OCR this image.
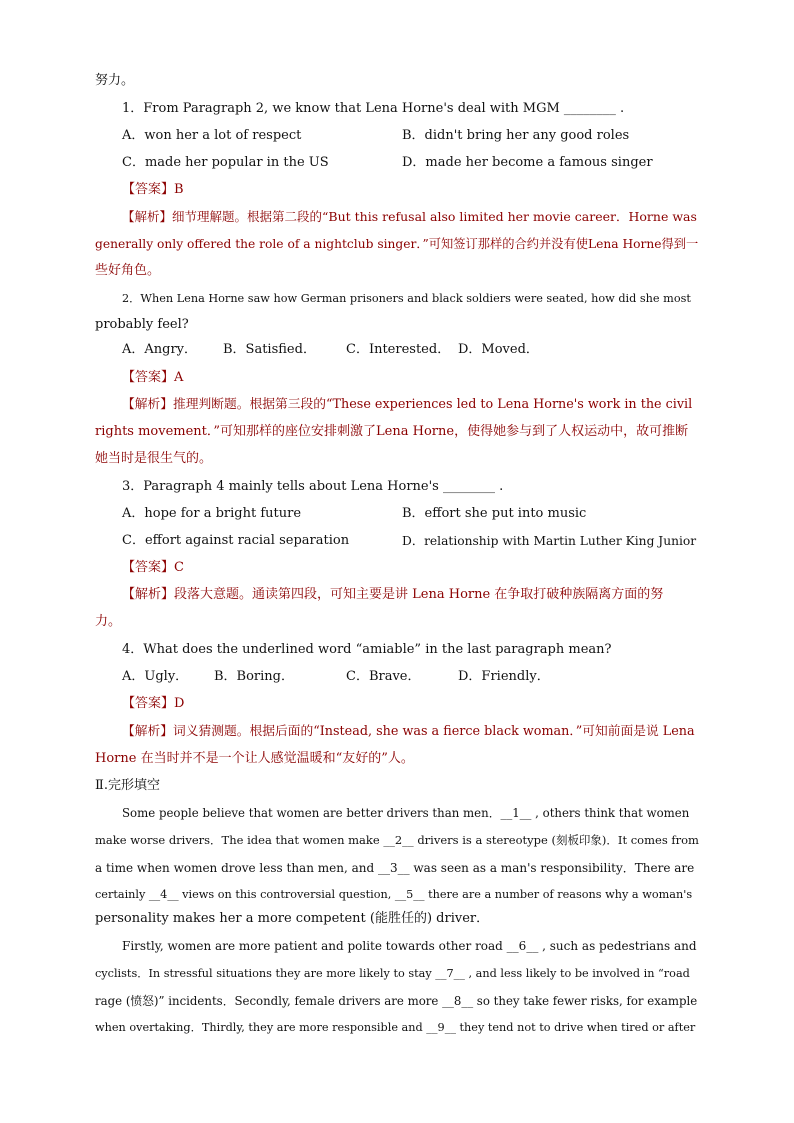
努力。
1．From Paragraph 2, we know that Lena Horne's deal with MGM ________ .
A．won her a lot of respect	B．didn't bring her any good roles
C．made her popular in the US	D．made her become a famous singer
【答案】B
【解析】细节理解题。根据第二段的“But this refusal also limited her movie career．Horne was
generally only offered the role of a nightclub singer．”可知签订那样的合约并没有使Lena Horne得到一
些好角色。
2．When Lena Horne saw how German prisoners and black soldiers were seated, how did she most
probably feel?
A．Angry． B．Satisfied． C．Interested． D．Moved．
【答案】A
【解析】推理判断题。根据第三段的“These experiences led to Lena Horne's work in the civil
rights movement．”可知那样的座位安排刺激了Lena Horne，使得她参与到了人权运动中，故可推断
她当时是很生气的。
3．Paragraph 4 mainly tells about Lena Horne's ________ .
A．hope for a bright future	B．effort she put into music
C．effort against racial separation	D．relationship with Martin Luther King Junior
【答案】C
【解析】段落大意题。通读第四段，可知主要是讲 Lena Horne 在争取打破种族隔离方面的努
力。
4．What does the underlined word “amiable” in the last paragraph mean?
A．Ugly． B．Boring．	C．Brave．	D．Friendly．
【答案】D
【解析】词义猜测题。根据后面的“Instead, she was a fierce black woman．”可知前面是说 Lena
Horne 在当时并不是一个让人感觉温暖和“友好的”人。
Ⅱ.完形填空
Some people believe that women are better drivers than men．__1__ , others think that women
make worse drivers．The idea that women make __2__ drivers is a stereotype (刻板印象)．It comes from
a time when women drove less than men, and __3__ was seen as a man's responsibility．There are
certainly __4__ views on this controversial question, __5__ there are a number of reasons why a woman's
personality makes her a more competent (能胜任的) driver．
Firstly, women are more patient and polite towards other road __6__ , such as pedestrians and
cyclists．In stressful situations they are more likely to stay __7__ , and less likely to be involved in “road
rage (愤怒)” incidents．Secondly, female drivers are more __8__ so they take fewer risks, for example
when overtaking．Thirdly, they are more responsible and __9__ they tend not to drive when tired or after
